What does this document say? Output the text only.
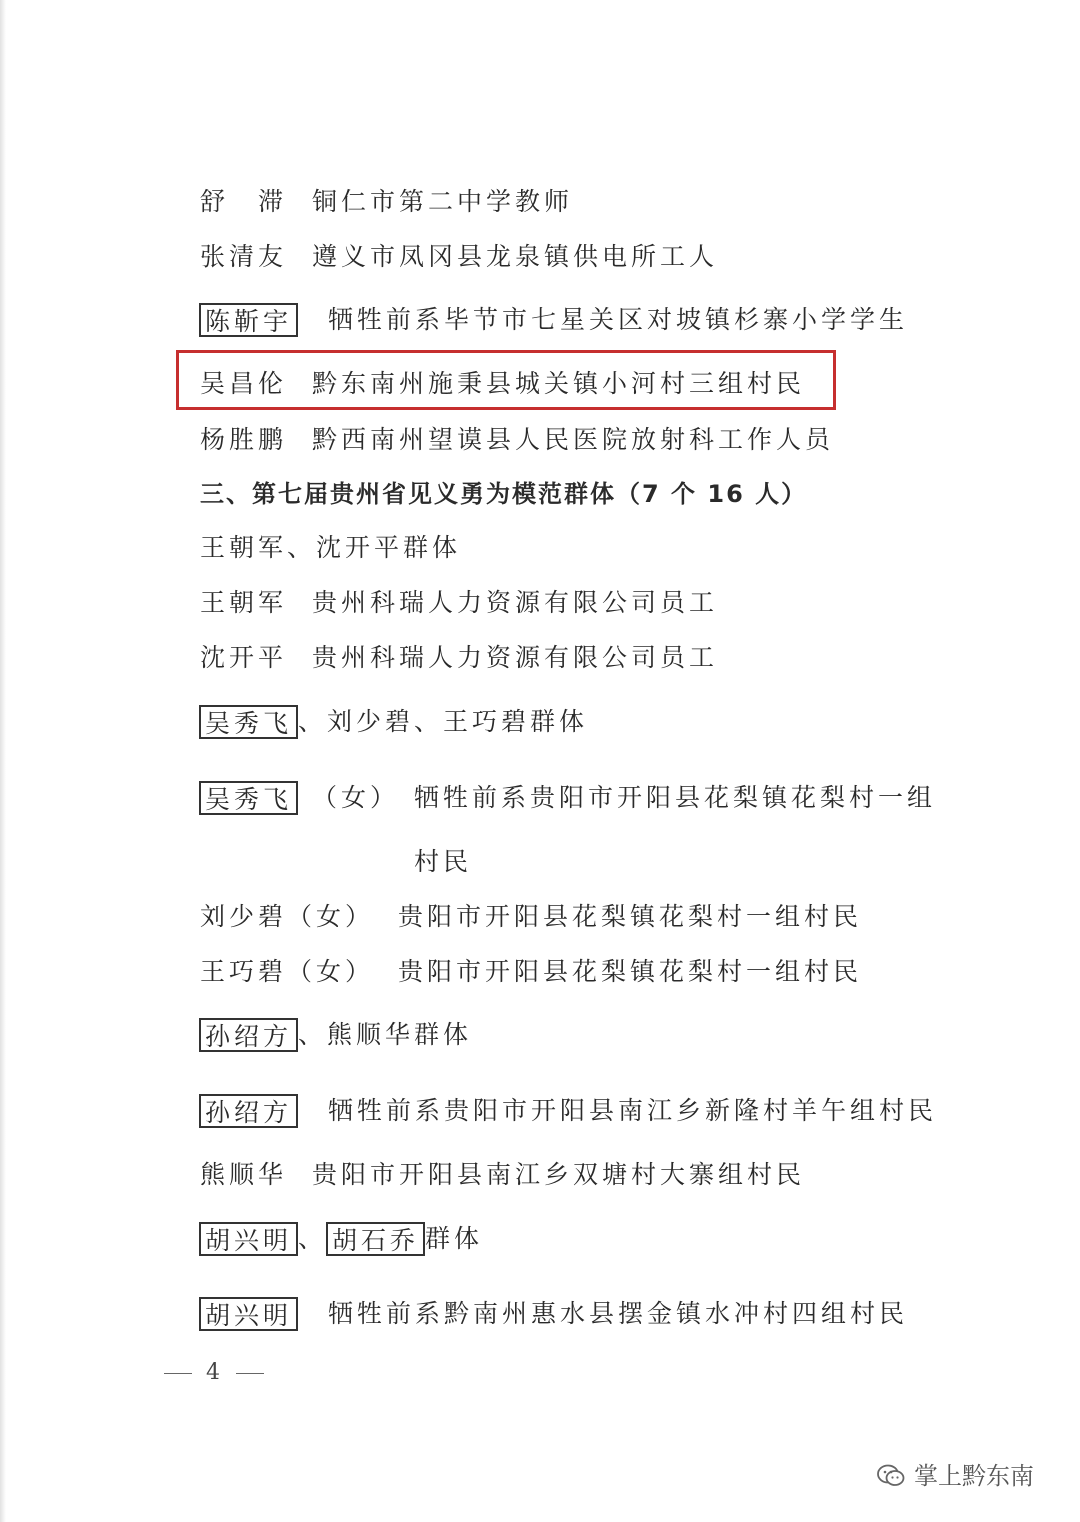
舒　滞 铜仁市第二中学教师
张清友 遵义市凤冈县龙泉镇供电所工人
陈靳宇 牺牲前系毕节市七星关区对坡镇杉寨小学学生
吴昌伦 黔东南州施秉县城关镇小河村三组村民
杨胜鹏 黔西南州望谟县人民医院放射科工作人员
三、第七届贵州省见义勇为模范群体（7 个 16 人）
王朝军、沈开平群体
王朝军 贵州科瑞人力资源有限公司员工
沈开平 贵州科瑞人力资源有限公司员工
吴秀飞 、刘少碧、王巧碧群体
吴秀飞 （女） 牺牲前系贵阳市开阳县花梨镇花梨村一组
村民
刘少碧（女） 贵阳市开阳县花梨镇花梨村一组村民
王巧碧（女） 贵阳市开阳县花梨镇花梨村一组村民
孙绍方 、熊顺华群体
孙绍方 牺牲前系贵阳市开阳县南江乡新隆村羊午组村民
熊顺华 贵阳市开阳县南江乡双塘村大寨组村民
胡兴明 、 胡石乔 群体
胡兴明 牺牲前系黔南州惠水县摆金镇水冲村四组村民
4
掌上黔东南
